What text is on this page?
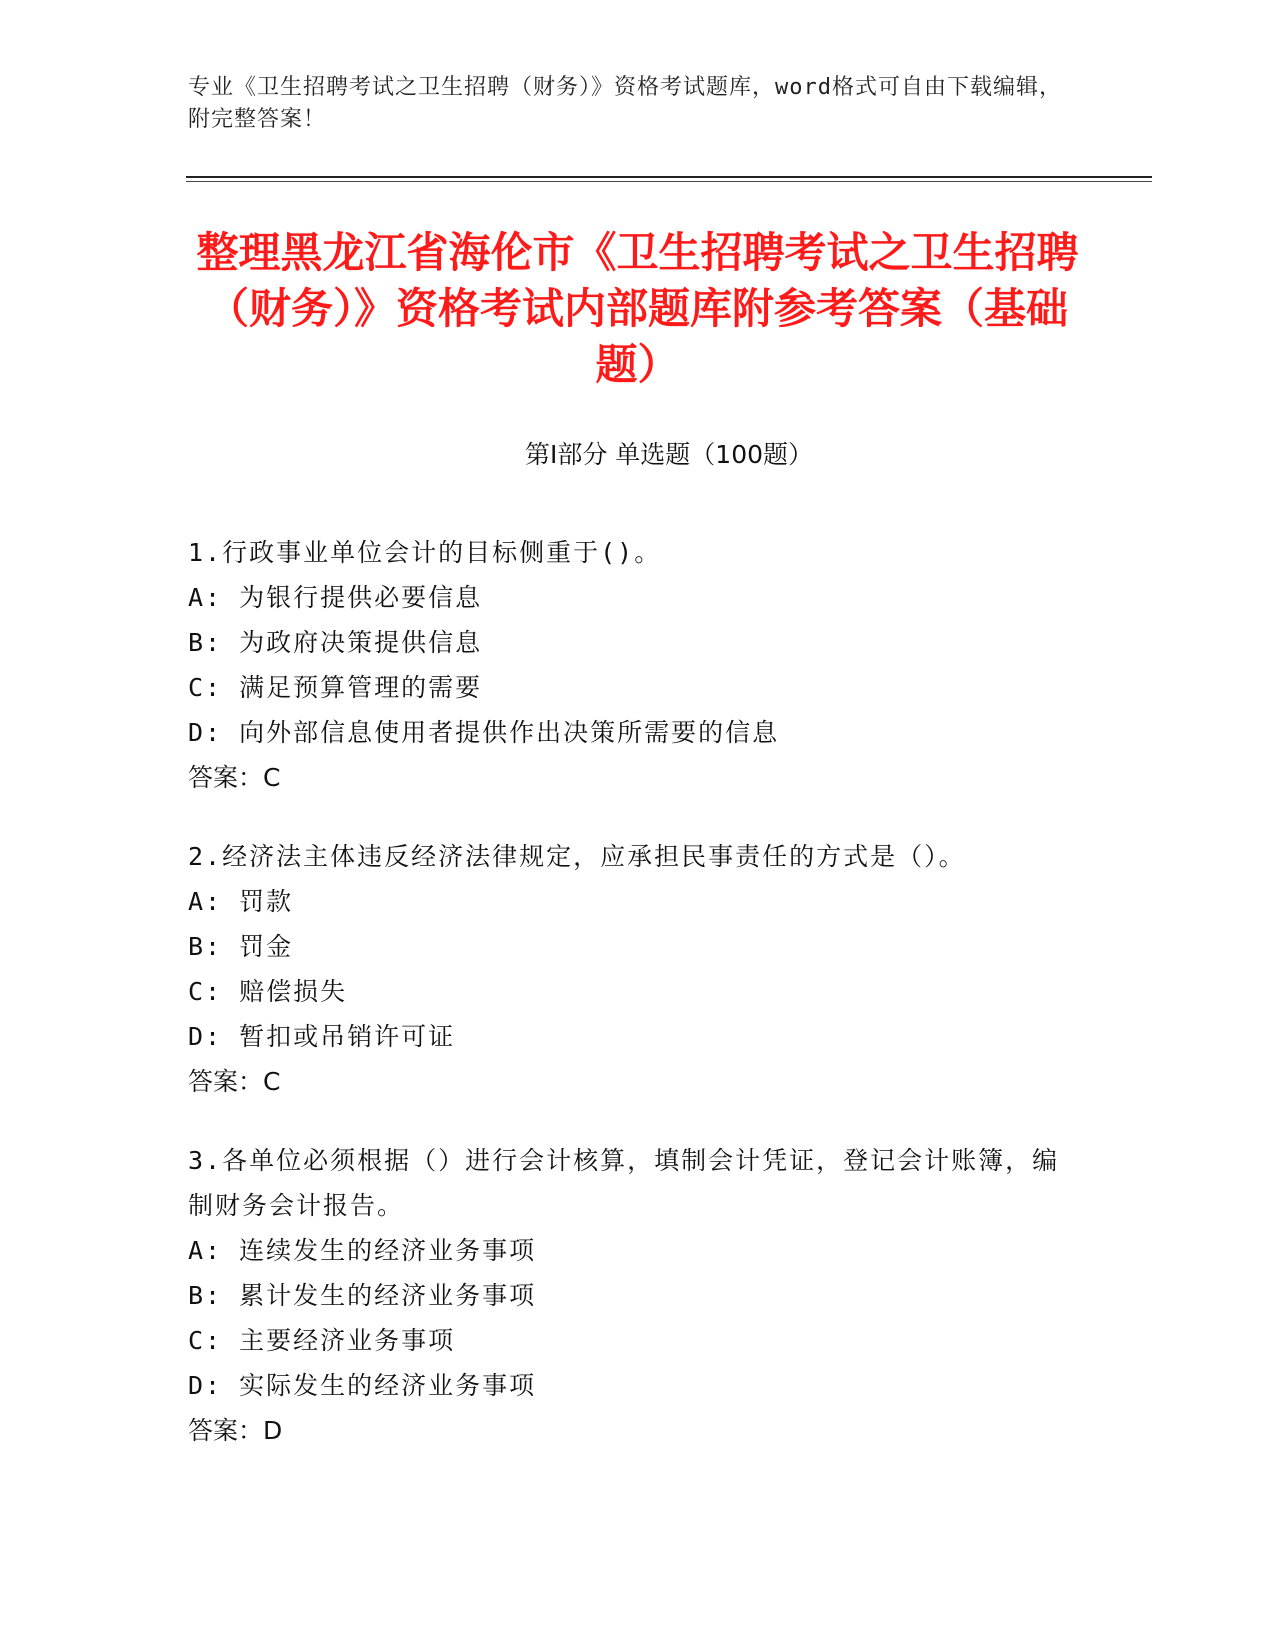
专业《卫生招聘考试之卫生招聘（财务）》资格考试题库，word格式可自由下载编辑，附完整答案！
整理黑龙江省海伦市《卫生招聘考试之卫生招聘（财务）》资格考试内部题库附参考答案（基础题）
第I部分 单选题（100题）
1.行政事业单位会计的目标侧重于()。
A: 为银行提供必要信息
B: 为政府决策提供信息
C: 满足预算管理的需要
D: 向外部信息使用者提供作出决策所需要的信息
答案：C
2.经济法主体违反经济法律规定，应承担民事责任的方式是（）。
A: 罚款
B: 罚金
C: 赔偿损失
D: 暂扣或吊销许可证
答案：C
3.各单位必须根据（）进行会计核算，填制会计凭证，登记会计账簿，编制财务会计报告。
A: 连续发生的经济业务事项
B: 累计发生的经济业务事项
C: 主要经济业务事项
D: 实际发生的经济业务事项
答案：D
